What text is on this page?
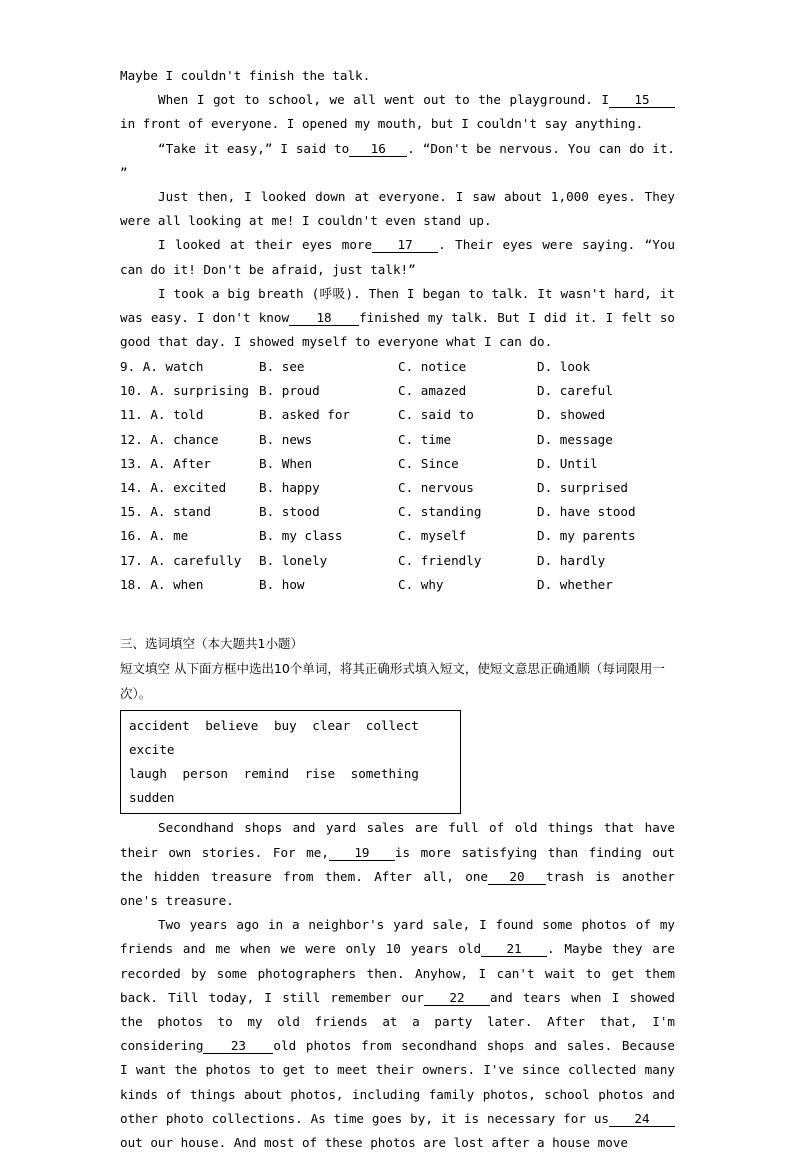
Maybe I couldn't finish the talk.

When I got to school, we all went out to the playground. I 15in front of everyone. I opened my mouth, but I couldn't say anything.

“Take it easy,” I said to 16 . “Don't be nervous. You can do it. ”

Just then, I looked down at everyone. I saw about 1,000 eyes. They were all looking at me! I couldn't even stand up.

I looked at their eyes more 17 . Their eyes were saying. “You can do it! Don't be afraid, just talk!”

I took a big breath (呼吸). Then I began to talk. It wasn't hard, it was easy. I don't know 18 finished my talk. But I did it. I felt so good that day. I showed myself to everyone what I can do.

9. A. watch	B. see	C. notice	D. look
10. A. surprising B. proud	C. amazed	D. careful
11. A. told	B. asked for	C. said to	D. showed
12. A. chance	B. news	C. time	D. message
13. A. After	B. When	C. Since	D. Until
14. A. excited	B. happy	C. nervous	D. surprised
15. A. stand	B. stood	C. standing	D. have stood
16. A. me	B. my class	C. myself	D. my parents
17. A. carefully	B. lonely	C. friendly	D. hardly
18. A. when	B. how	C. why	D. whether
三、选词填空（本大题共1小题）

短文填空 从下面方框中选出10个单词，将其正确形式填入短文，使短文意思正确通顺（每词限用一次）。

accident believe buy clear collect excite
laugh person remind rise something sudden

Secondhand shops and yard sales are full of old things that have their own stories. For me, 19 is more satisfying than finding out the hidden treasure from them. After all, one 20 trash is another one's treasure.

Two years ago in a neighbor's yard sale, I found some photos of my friends and me when we were only 10 years old 21 . Maybe they are recorded by some photographers then. Anyhow, I can't wait to get them back. Till today, I still remember our 22 and tears when I showed the photos to my old friends at a party later. After that, I'm considering 23 old photos from secondhand shops and sales. Because I want the photos to get to meet their owners. I've since collected many kinds of things about photos, including family photos, school photos and other photo collections. As time goes by, it is necessary for us 24out our house. And most of these photos are lost after a house move
